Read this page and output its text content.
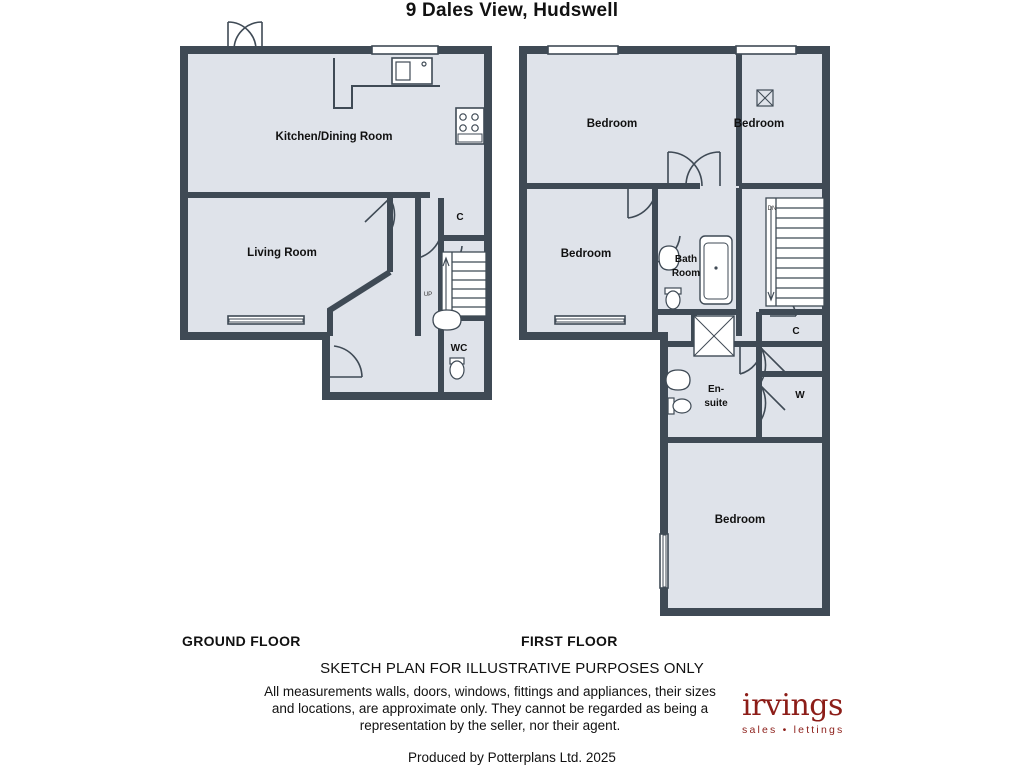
9 Dales View, Hudswell
Kitchen/Dining Room
Living Room
C
WC
UP
Bedroom	Bedroom
Bedroom
Bedroom
Bath
Room
En-
suite
C
W
DN
GROUND FLOOR	FIRST FLOOR
SKETCH PLAN FOR ILLUSTRATIVE PURPOSES ONLY
All measurements walls, doors, windows, fittings and appliances, their sizes and locations, are approximate only. They cannot be regarded as being a representation by the seller, nor their agent.
Produced by Potterplans Ltd. 2025
irvings
sales • lettings
